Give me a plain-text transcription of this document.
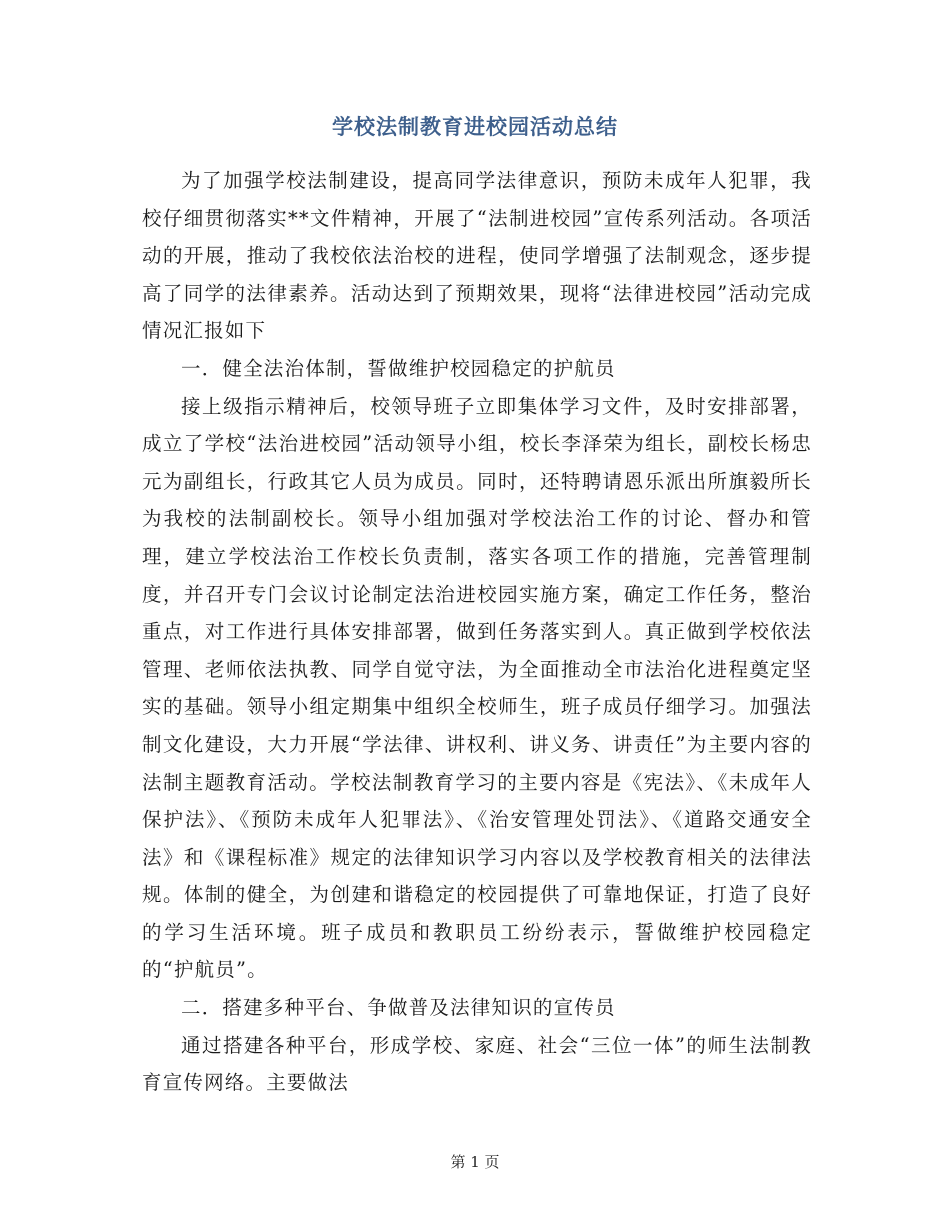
学校法制教育进校园活动总结

为了加强学校法制建设，提高同学法律意识，预防未成年人犯罪，我校仔细贯彻落实**文件精神，开展了“法制进校园”宣传系列活动。各项活动的开展，推动了我校依法治校的进程，使同学增强了法制观念，逐步提高了同学的法律素养。活动达到了预期效果，现将“法律进校园”活动完成情况汇报如下

一．健全法治体制，誓做维护校园稳定的护航员

接上级指示精神后，校领导班子立即集体学习文件，及时安排部署，成立了学校“法治进校园”活动领导小组，校长李泽荣为组长，副校长杨忠元为副组长，行政其它人员为成员。同时，还特聘请恩乐派出所旗毅所长为我校的法制副校长。领导小组加强对学校法治工作的讨论、督办和管理，建立学校法治工作校长负责制，落实各项工作的措施，完善管理制度，并召开专门会议讨论制定法治进校园实施方案，确定工作任务，整治重点，对工作进行具体安排部署，做到任务落实到人。真正做到学校依法管理、老师依法执教、同学自觉守法，为全面推动全市法治化进程奠定坚实的基础。领导小组定期集中组织全校师生，班子成员仔细学习。加强法制文化建设，大力开展“学法律、讲权利、讲义务、讲责任”为主要内容的法制主题教育活动。学校法制教育学习的主要内容是《宪法》、《未成年人保护法》、《预防未成年人犯罪法》、《治安管理处罚法》、《道路交通安全法》和《课程标准》规定的法律知识学习内容以及学校教育相关的法律法规。体制的健全，为创建和谐稳定的校园提供了可靠地保证，打造了良好的学习生活环境。班子成员和教职员工纷纷表示，誓做维护校园稳定的“护航员”。

二．搭建多种平台、争做普及法律知识的宣传员

通过搭建各种平台，形成学校、家庭、社会“三位一体”的师生法制教育宣传网络。主要做法

第 1 页
